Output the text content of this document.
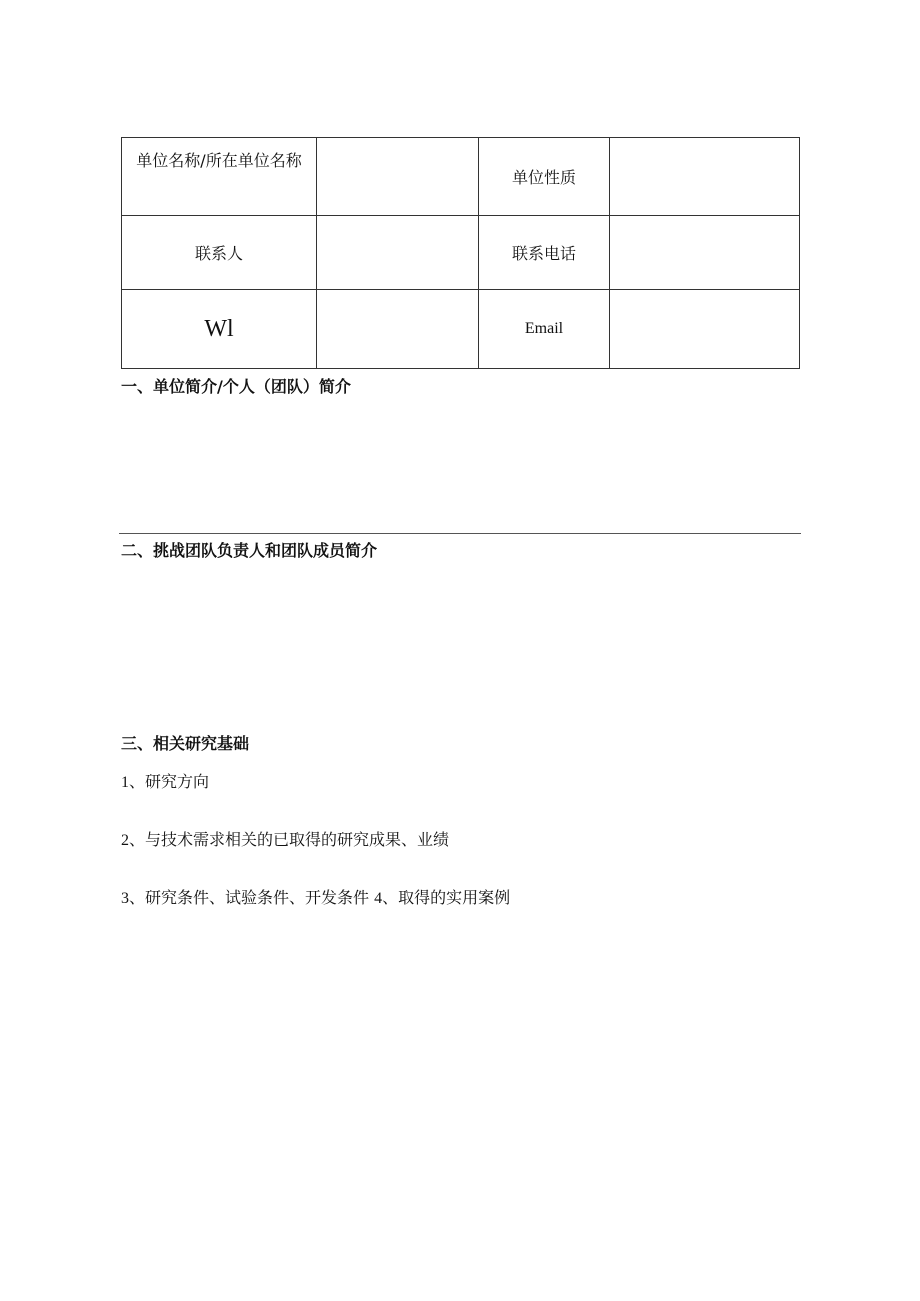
单位名称/所在单位名称		单位性质	
联系人		联系电话	
Wl		Email	
一、单位简介/个人（团队）简介
二、挑战团队负责人和团队成员简介
三、相关研究基础

1、研究方向

2、与技术需求相关的已取得的研究成果、业绩

3、研究条件、试验条件、开发条件 4、取得的实用案例
